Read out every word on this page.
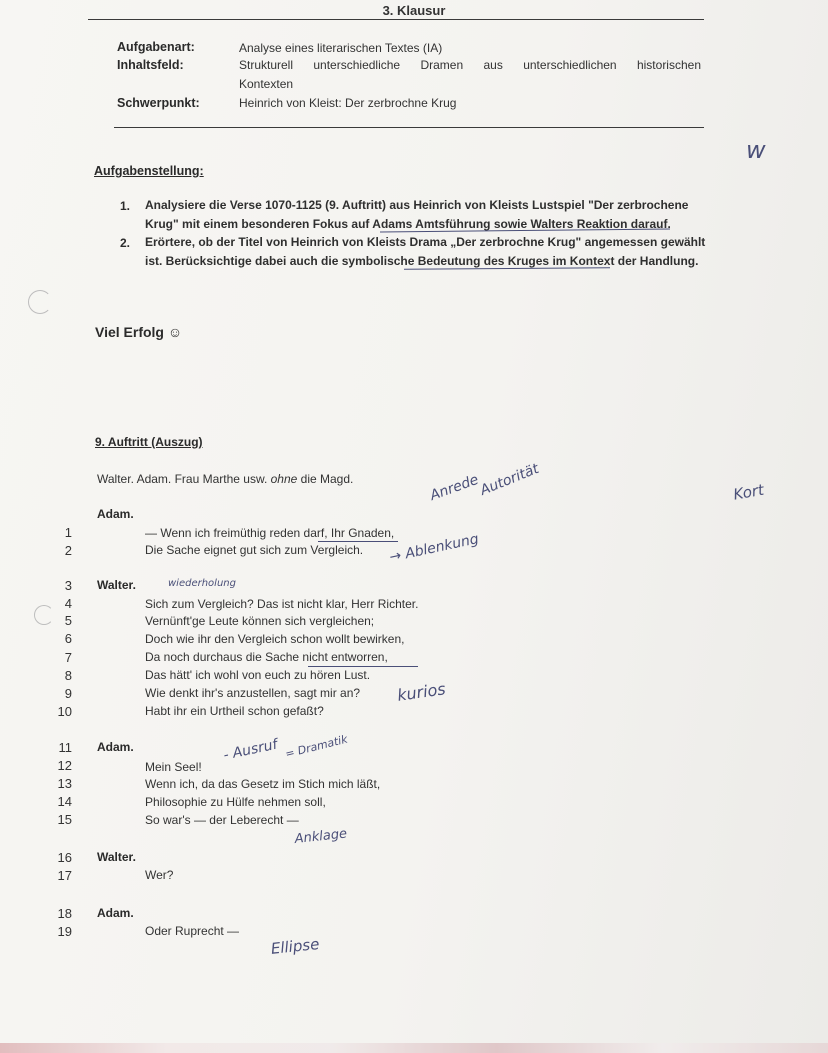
3. Klausur
Aufgabenart:	Analyse eines literarischen Textes (IA)
Inhaltsfeld:	Strukturell unterschiedliche Dramen aus unterschiedlichen historischen
Kontexten
Schwerpunkt:	Heinrich von Kleist: Der zerbrochne Krug
w
Aufgabenstellung:
1. Analysiere die Verse 1070-1125 (9. Auftritt) aus Heinrich von Kleists Lustspiel "Der zerbrochene Krug" mit einem besonderen Fokus auf Adams Amtsführung sowie Walters Reaktion darauf.
2. Erörtere, ob der Titel von Heinrich von Kleists Drama „Der zerbrochne Krug" angemessen gewählt ist. Berücksichtige dabei auch die symbolische Bedeutung des Kruges im Kontext der Handlung.
Viel Erfolg ☺
9. Auftritt (Auszug)
Walter. Adam. Frau Marthe usw. ohne die Magd.
Adam.
1	— Wenn ich freimüthig reden darf, Ihr Gnaden,
2	Die Sache eignet gut sich zum Vergleich.
Walter.
3
4	Sich zum Vergleich? Das ist nicht klar, Herr Richter.
5	Vernünft'ge Leute können sich vergleichen;
6	Doch wie ihr den Vergleich schon wollt bewirken,
7	Da noch durchaus die Sache nicht entworren,
8	Das hätt' ich wohl von euch zu hören Lust.
9	Wie denkt ihr's anzustellen, sagt mir an?
10	Habt ihr ein Urtheil schon gefaßt?
Adam.
11
12	Mein Seel!
13	Wenn ich, da das Gesetz im Stich mich läßt,
14	Philosophie zu Hülfe nehmen soll,
15	So war's — der Leberecht —
Walter.
16
17	Wer?
Adam.
18
19	Oder Ruprecht —
Anrede
Autorität
→ Ablenkung
wiederholung
kurios
- Ausruf = Dramatik
Anklage
Ellipse
Kort
